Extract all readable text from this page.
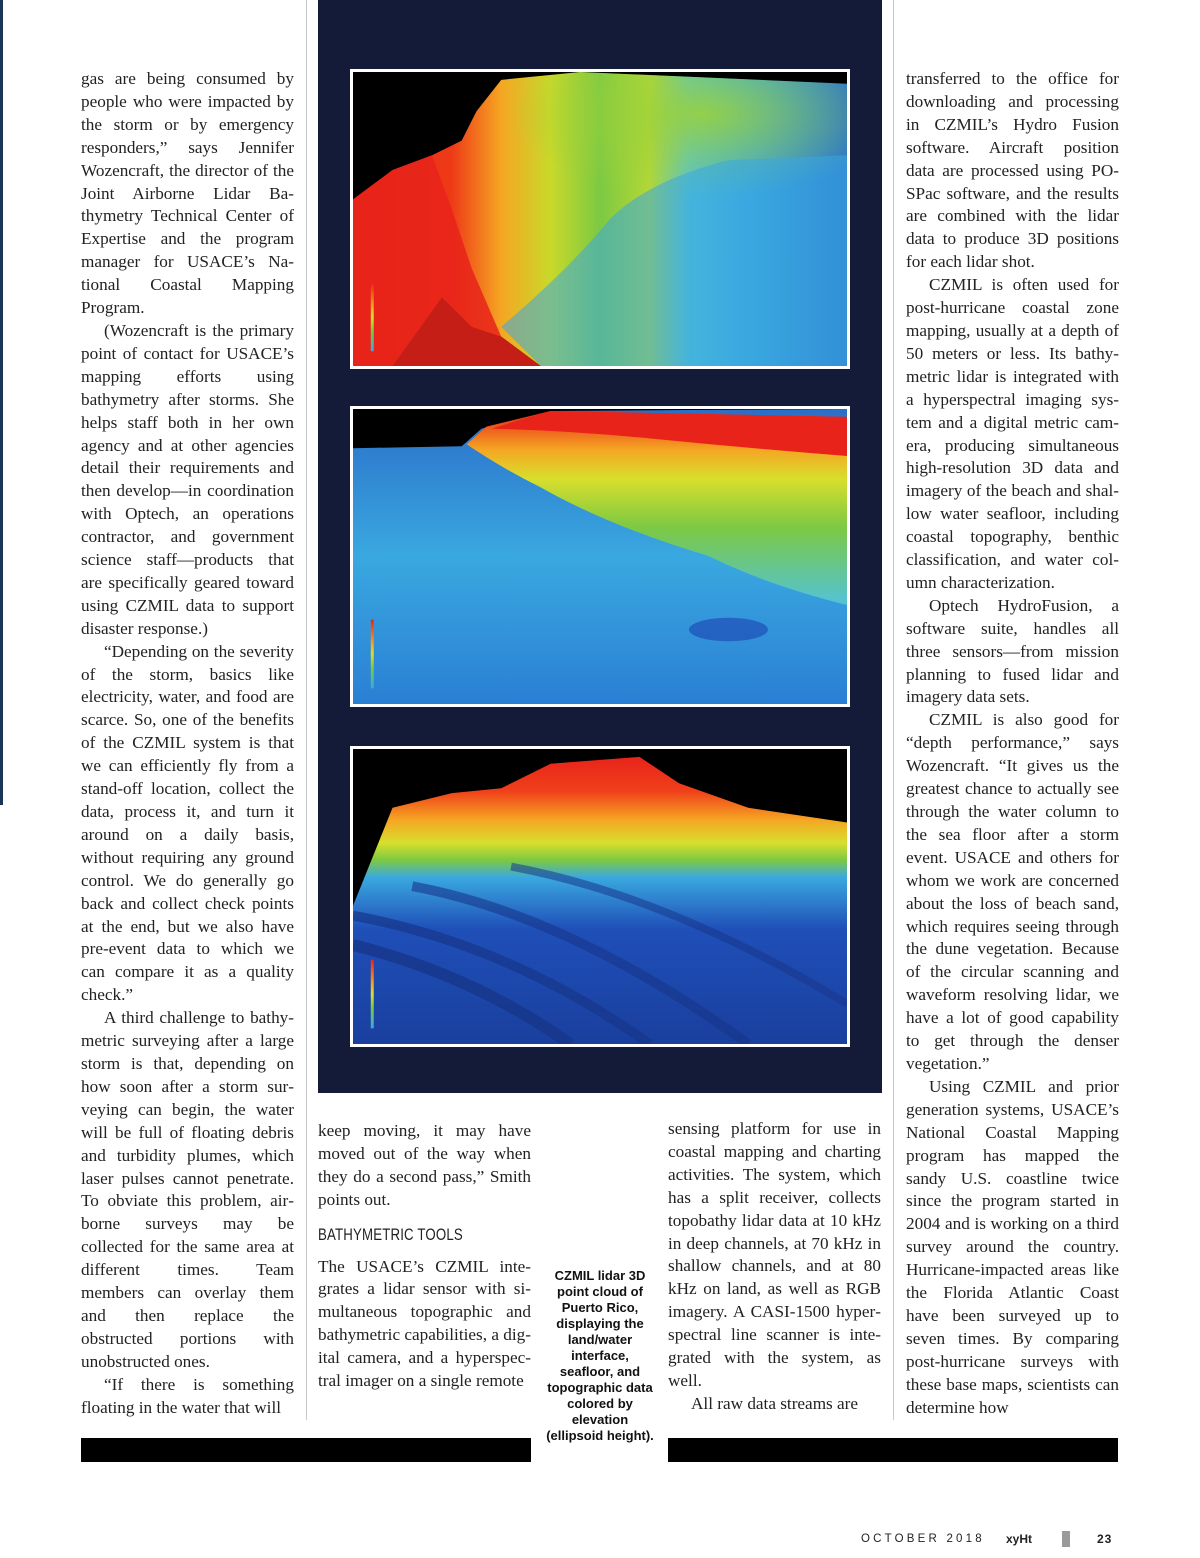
gas are being consumed by people who were impacted by the storm or by emergency responders,” says Jennifer Wozencraft, the director of the Joint Airborne Lidar Bathymetry Technical Center of Expertise and the program manager for USACE’s National Coastal Mapping Program.

(Wozencraft is the primary point of contact for USACE’s mapping efforts using bathymetry after storms. She helps staff both in her own agency and at other agencies detail their requirements and then develop—in coordination with Optech, an operations contractor, and government science staff—products that are specifically geared toward using CZMIL data to support disaster response.)

“Depending on the severity of the storm, basics like electricity, water, and food are scarce. So, one of the benefits of the CZMIL system is that we can efficiently fly from a stand-off location, collect the data, process it, and turn it around on a daily basis, without requiring any ground control. We do generally go back and collect check points at the end, but we also have pre-event data to which we can compare it as a quality check.”

A third challenge to bathymetric surveying after a large storm is that, depending on how soon after a storm surveying can begin, the water will be full of floating debris and turbidity plumes, which laser pulses cannot penetrate. To obviate this problem, airborne surveys may be collected for the same area at different times. Team members can overlay them and then replace the obstructed portions with unobstructed ones.

“If there is something floating in the water that will

keep moving, it may have moved out of the way when they do a second pass,” Smith points out.

BATHYMETRIC TOOLS

The USACE’s CZMIL integrates a lidar sensor with simultaneous topographic and bathymetric capabilities, a digital camera, and a hyperspectral imager on a single remote

CZMIL lidar 3D point cloud of Puerto Rico, displaying the land/water interface, seafloor, and topographic data colored by elevation (ellipsoid height).

sensing platform for use in coastal mapping and charting activities. The system, which has a split receiver, collects topobathy lidar data at 10 kHz in deep channels, at 70 kHz in shallow channels, and at 80 kHz on land, as well as RGB imagery. A CASI-1500 hyperspectral line scanner is integrated with the system, as well.

All raw data streams are

transferred to the office for downloading and processing in CZMIL’s Hydro Fusion software. Aircraft position data are processed using POSPac software, and the results are combined with the lidar data to produce 3D positions for each lidar shot.

CZMIL is often used for post-hurricane coastal zone mapping, usually at a depth of 50 meters or less. Its bathymetric lidar is integrated with a hyperspectral imaging system and a digital metric camera, producing simultaneous high-resolution 3D data and imagery of the beach and shallow water seafloor, including coastal topography, benthic classification, and water column characterization.

Optech HydroFusion, a software suite, handles all three sensors—from mission planning to fused lidar and imagery data sets.

CZMIL is also good for “depth performance,” says Wozencraft. “It gives us the greatest chance to actually see through the water column to the sea floor after a storm event. USACE and others for whom we work are concerned about the loss of beach sand, which requires seeing through the dune vegetation. Because of the circular scanning and waveform resolving lidar, we have a lot of good capability to get through the denser vegetation.”

Using CZMIL and prior generation systems, USACE’s National Coastal Mapping program has mapped the sandy U.S. coastline twice since the program started in 2004 and is working on a third survey around the country. Hurricane-impacted areas like the Florida Atlantic Coast have been surveyed up to seven times. By comparing post-hurricane surveys with these base maps, scientists can determine how

OCTOBER 2018 xyHt	23
